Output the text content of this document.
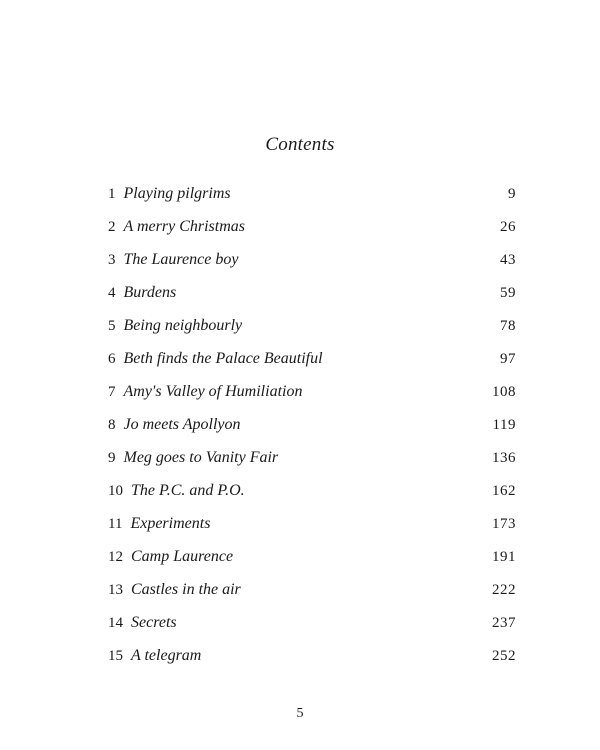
Contents
1 Playing pilgrims	9
2 A merry Christmas	26
3 The Laurence boy	43
4 Burdens	59
5 Being neighbourly	78
6 Beth finds the Palace Beautiful	97
7 Amy's Valley of Humiliation	108
8 Jo meets Apollyon	119
9 Meg goes to Vanity Fair	136
10 The P.C. and P.O.	162
11 Experiments	173
12 Camp Laurence	191
13 Castles in the air	222
14 Secrets	237
15 A telegram	252
5
